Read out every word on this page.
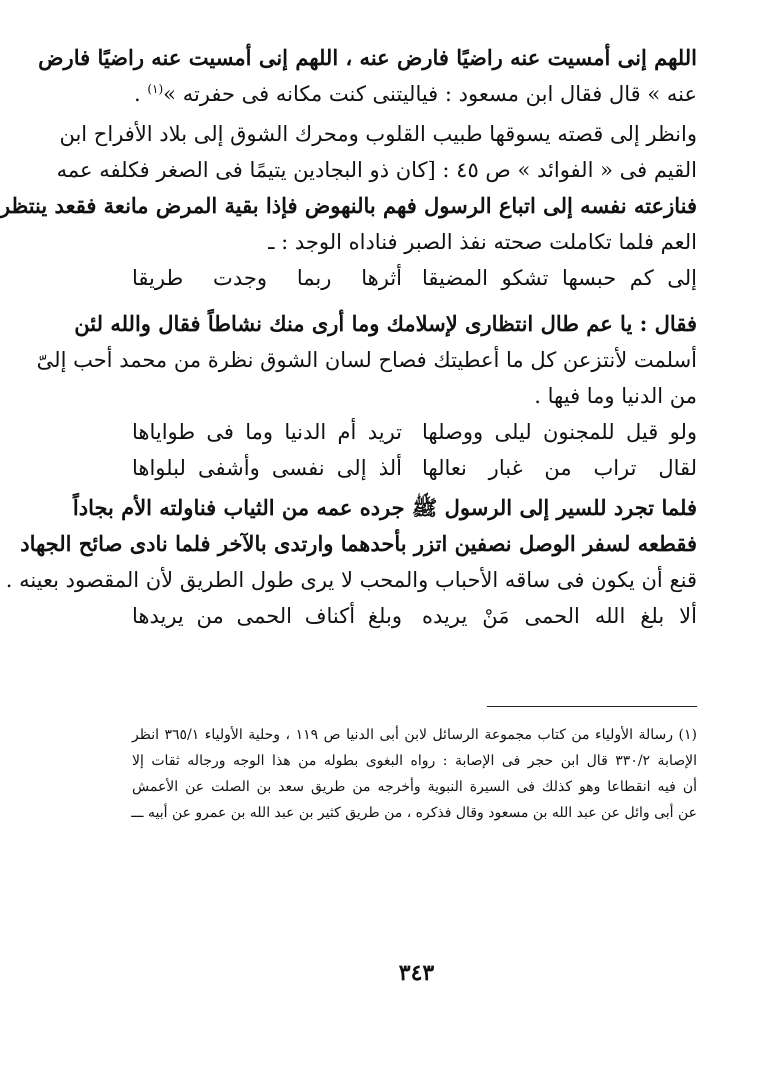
اللهم إنى أمسيت عنه راضيًا فارض عنه ، اللهم إنى أمسيت عنه راضيًا فارض
عنه » قال فقال ابن مسعود : فياليتنى كنت مكانه فى حفرته »$^{(١)}$ .
وانظر إلى قصته يسوقها طبيب القلوب ومحرك الشوق إلى بلاد الأفراح ابن
القيم فى « الفوائد » ص ٤٥ : [كان ذو البجادين يتيمًا فى الصغر فكلفه عمه
فنازعته نفسه إلى اتباع الرسول فهم بالنهوض فإذا بقية المرض مانعة فقعد ينتظر
العم فلما تكاملت صحته نفذ الصبر فناداه الوجد : ـ
إلى كم حبسها تشكو المضيقا
أثرها ربما وجدت طريقا
فقال : يا عم طال انتظارى لإسلامك وما أرى منك نشاطاً فقال والله لئن
أسلمت لأنتزعن كل ما أعطيتك فصاح لسان الشوق نظرة من محمد أحب إلىّ
من الدنيا وما فيها .
ولو قيل للمجنون ليلى ووصلها
تريد أم الدنيا وما فى طواياها
لقال تراب من غبار نعالها
ألذ إلى نفسى وأشفى لبلواها
فلما تجرد للسير إلى الرسول ﷺ جرده عمه من الثياب فناولته الأم بجاداً
فقطعه لسفر الوصل نصفين اتزر بأحدهما وارتدى بالآخر فلما نادى صائح الجهاد
قنع أن يكون فى ساقه الأحباب والمحب لا يرى طول الطريق لأن المقصود بعينه .
ألا بلغ الله الحمى مَنْ يريده
وبلغ أكناف الحمى من يريدها
(١) رسالة الأولياء من كتاب مجموعة الرسائل لابن أبى الدنيا ص ١١٩ ، وحلية الأولياء ٣٦٥/١ انظر
الإصابة ٣٣٠/٢ قال ابن حجر فى الإصابة : رواه البغوى بطوله من هذا الوجه ورجاله ثقات إلا
أن فيه انقطاعا وهو كذلك فى السيرة النبوية وأخرجه من طريق سعد بن الصلت عن الأعمش
عن أبى وائل عن عبد الله بن مسعود وقال فذكره ، من طريق كثير بن عبد الله بن عمرو عن أبيه ـــ
٣٤٣
